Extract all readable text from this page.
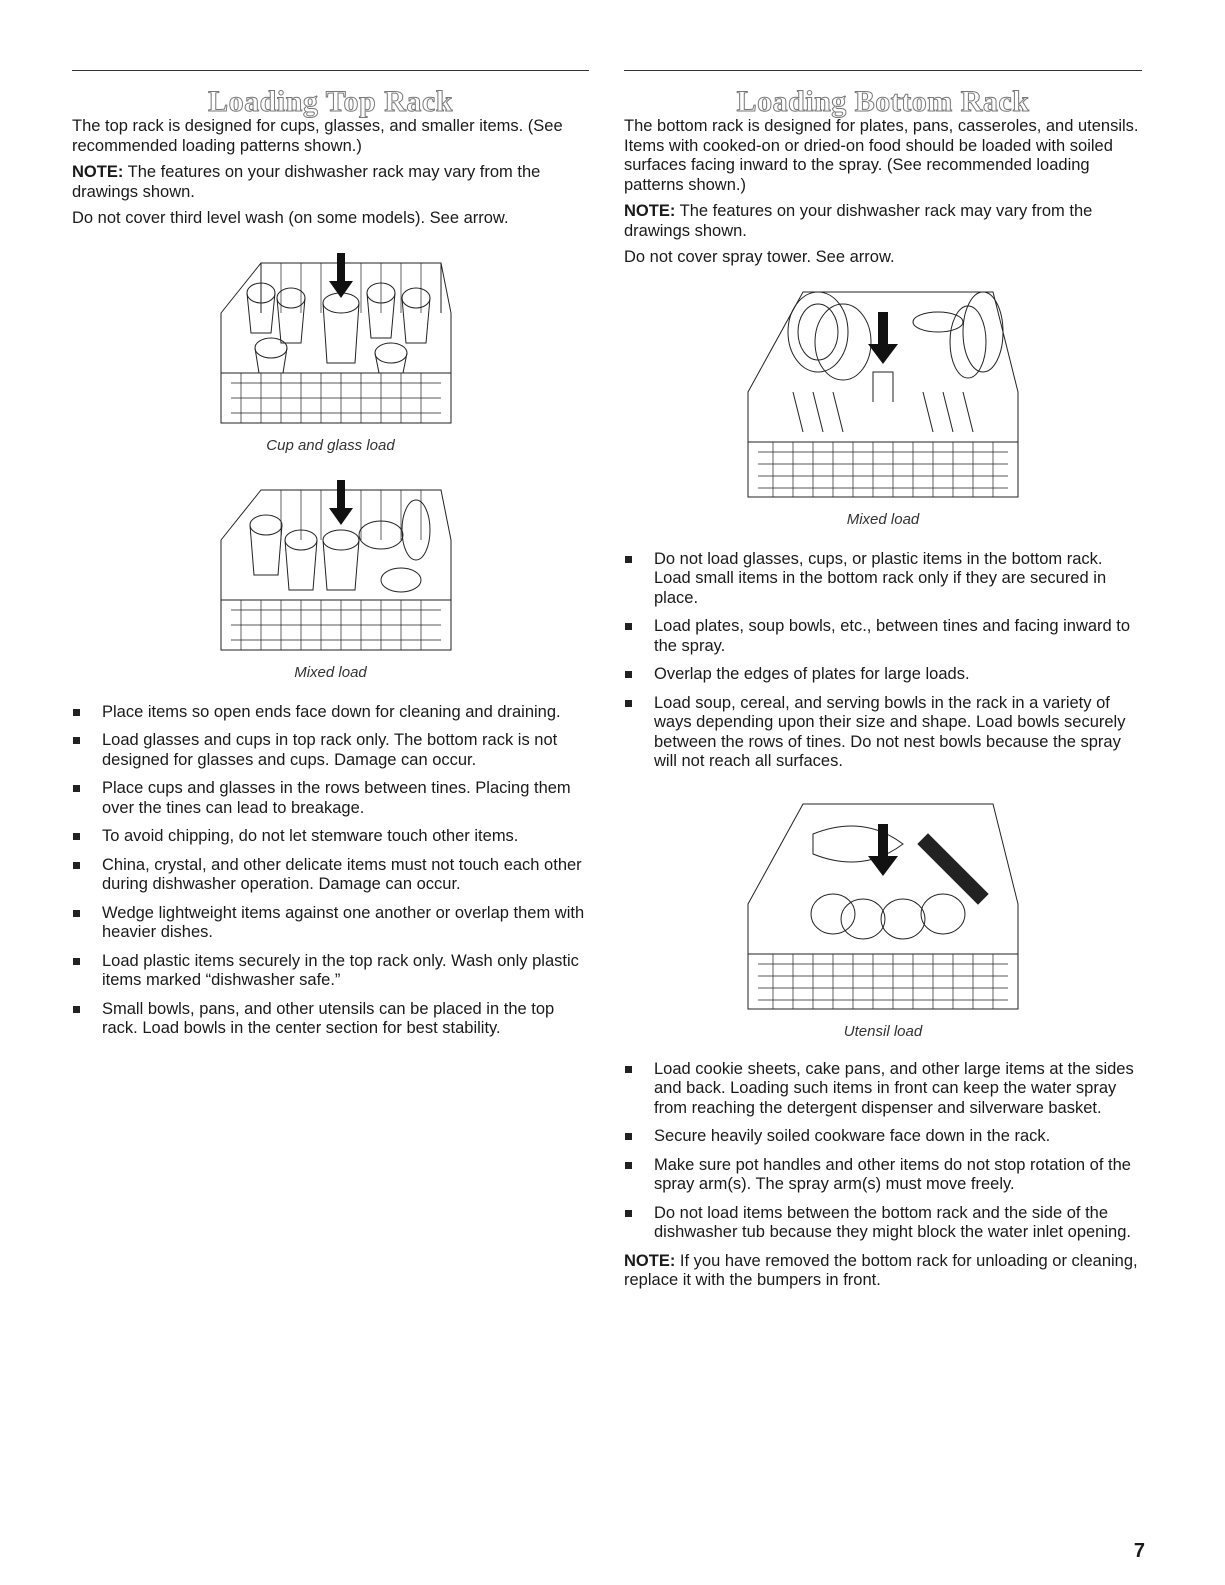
Loading Top Rack

The top rack is designed for cups, glasses, and smaller items. (See recommended loading patterns shown.)

NOTE: The features on your dishwasher rack may vary from the drawings shown.

Do not cover third level wash (on some models). See arrow.

Cup and glass load
Mixed load
Place items so open ends face down for cleaning and draining.
Load glasses and cups in top rack only. The bottom rack is not designed for glasses and cups. Damage can occur.
Place cups and glasses in the rows between tines. Placing them over the tines can lead to breakage.
To avoid chipping, do not let stemware touch other items.
China, crystal, and other delicate items must not touch each other during dishwasher operation. Damage can occur.
Wedge lightweight items against one another or overlap them with heavier dishes.
Load plastic items securely in the top rack only. Wash only plastic items marked “dishwasher safe.”
Small bowls, pans, and other utensils can be placed in the top rack. Load bowls in the center section for best stability.
Loading Bottom Rack

The bottom rack is designed for plates, pans, casseroles, and utensils. Items with cooked-on or dried-on food should be loaded with soiled surfaces facing inward to the spray. (See recommended loading patterns shown.)

NOTE: The features on your dishwasher rack may vary from the drawings shown.

Do not cover spray tower. See arrow.

Mixed load
Do not load glasses, cups, or plastic items in the bottom rack. Load small items in the bottom rack only if they are secured in place.
Load plates, soup bowls, etc., between tines and facing inward to the spray.
Overlap the edges of plates for large loads.
Load soup, cereal, and serving bowls in the rack in a variety of ways depending upon their size and shape. Load bowls securely between the rows of tines. Do not nest bowls because the spray will not reach all surfaces.
Utensil load
Load cookie sheets, cake pans, and other large items at the sides and back. Loading such items in front can keep the water spray from reaching the detergent dispenser and silverware basket.
Secure heavily soiled cookware face down in the rack.
Make sure pot handles and other items do not stop rotation of the spray arm(s). The spray arm(s) must move freely.
Do not load items between the bottom rack and the side of the dishwasher tub because they might block the water inlet opening.

NOTE: If you have removed the bottom rack for unloading or cleaning, replace it with the bumpers in front.

7
